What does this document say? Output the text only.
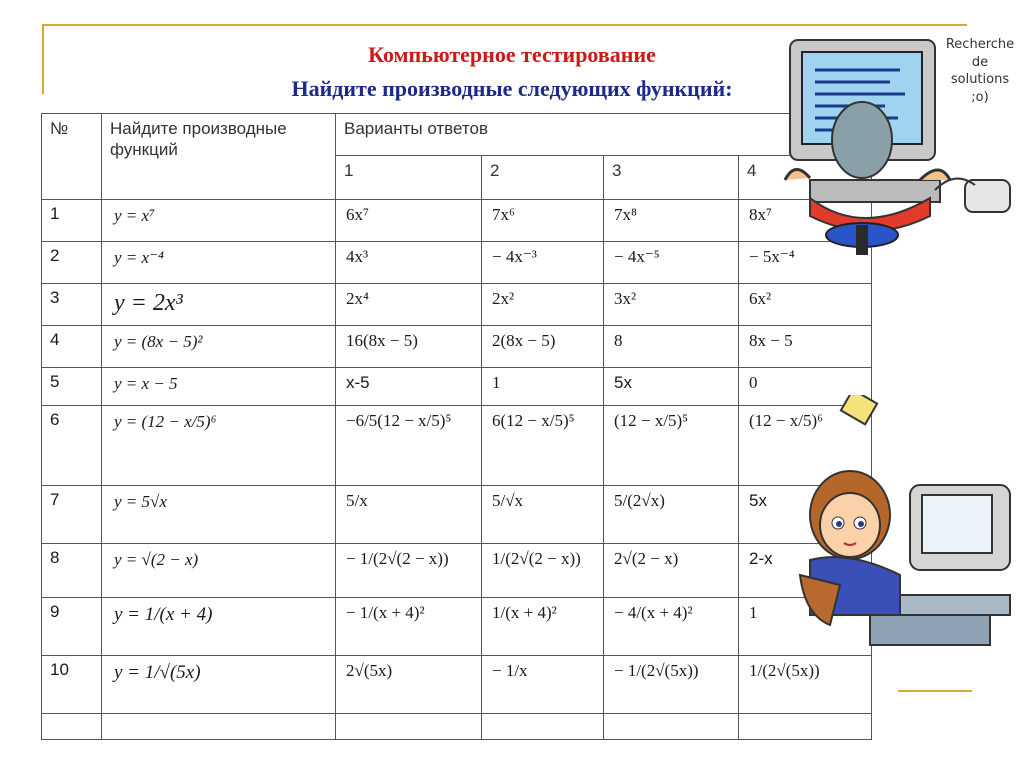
Компьютерное тестирование
Найдите производные следующих функций:
№	Найдите производные функций	Варианты ответов			
		1	2	3	4
1	y = x⁷	6x⁷	7x⁶	7x⁸	8x⁷
2	y = x⁻⁴	4x³	− 4x⁻³	− 4x⁻⁵	− 5x⁻⁴
3	y = 2x³	2x⁴	2x²	3x²	6x²
4	y = (8x − 5)²	16(8x − 5)	2(8x − 5)	8	8x − 5
5	y = x − 5	x-5	1	5x	0
6	y = (12 − x/5)⁶	−6/5(12 − x/5)⁵	6(12 − x/5)⁵	(12 − x/5)⁵	(12 − x/5)⁶
7	y = 5√x	5/x	5/√x	5/(2√x)	5x
8	y = √(2 − x)	− 1/(2√(2 − x))	1/(2√(2 − x))	2√(2 − x)	2-x
9	y = 1/(x + 4)	− 1/(x + 4)²	1/(x + 4)²	− 4/(x + 4)²	1
10	y = 1/√(5x)	2√(5x)	− 1/x	− 1/(2√(5x))	1/(2√(5x))

Recherche
de
solutions
;o)
